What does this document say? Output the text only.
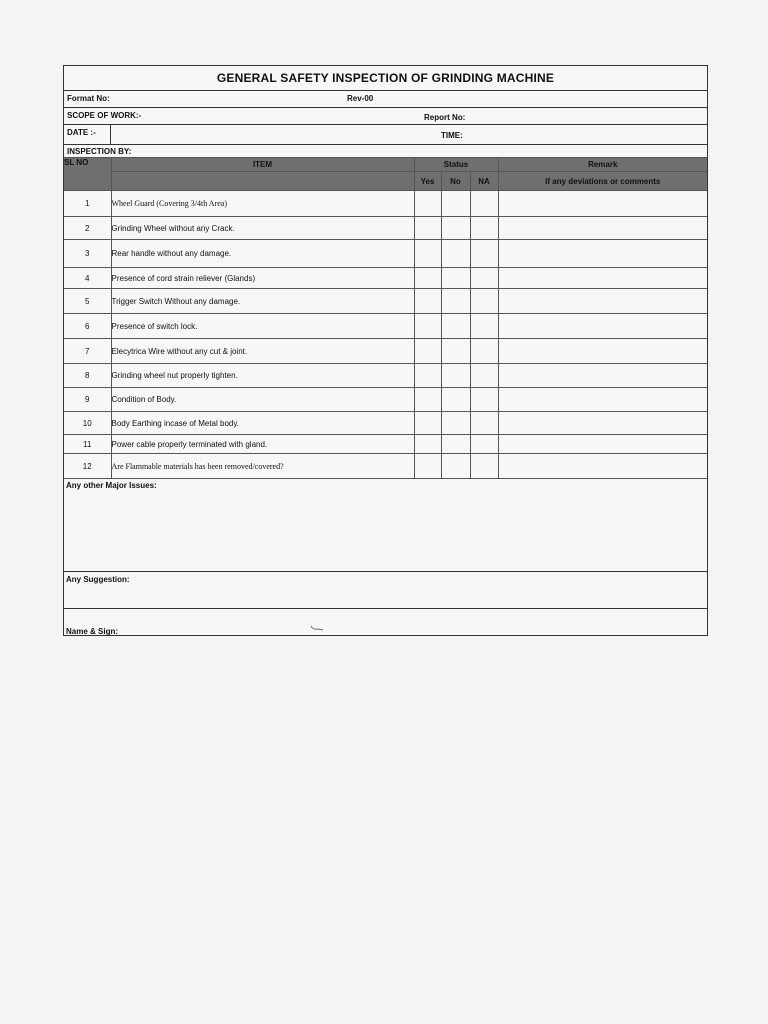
GENERAL SAFETY INSPECTION OF GRINDING MACHINE
Format No:	Rev-00
SCOPE OF WORK:-	Report No:
DATE :-	TIME:
INSPECTION BY:
SL NO	ITEM	Status			Remark
		Yes	No	NA	If any deviations or comments
1	Wheel Guard (Covering 3/4th Area)				
2	Grinding Wheel without any Crack.				
3	Rear handle without any damage.				
4	Presence of cord strain reliever (Glands)				
5	Trigger Switch Without any damage.				
6	Presence of switch lock.				
7	Elecytrica Wire without any cut & joint.				
8	Grinding wheel nut properly tighten.				
9	Condition of Body.				
10	Body Earthing incase of Metal body.				
11	Power cable properly terminated with gland.				
12	Are Flammable materials has been removed/covered?				
Any other Major Issues:
Any Suggestion:
Name & Sign:
